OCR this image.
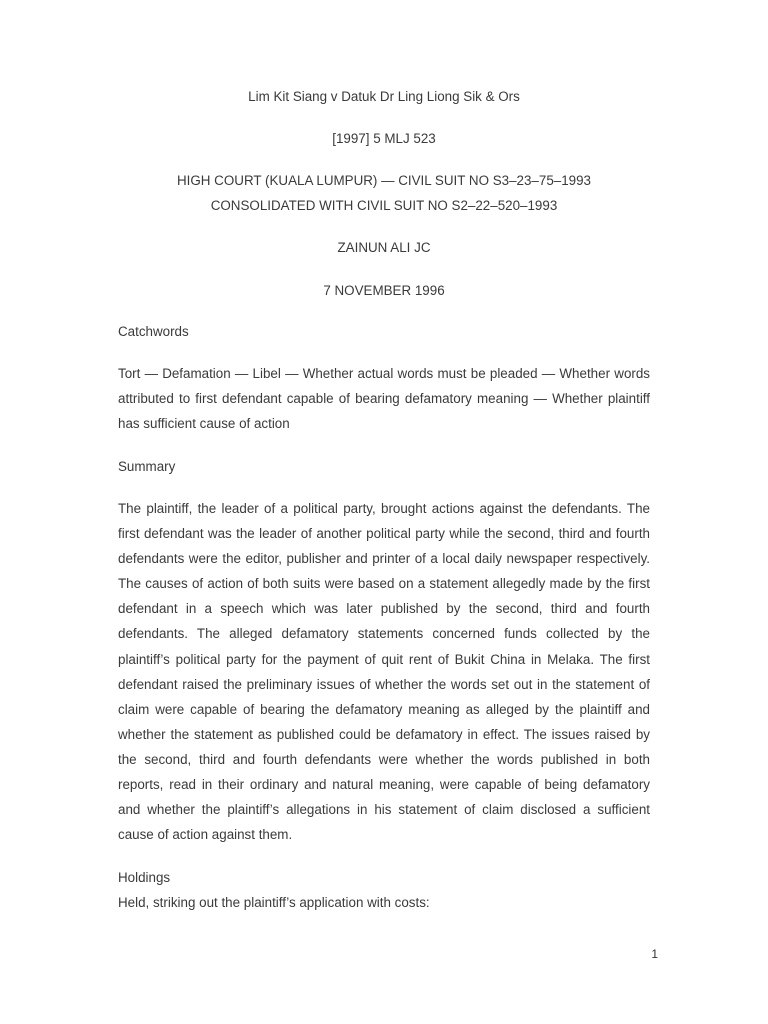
Lim Kit Siang v Datuk Dr Ling Liong Sik & Ors
[1997] 5 MLJ 523
HIGH COURT (KUALA LUMPUR) — CIVIL SUIT NO S3–23–75–1993
CONSOLIDATED WITH CIVIL SUIT NO S2–22–520–1993
ZAINUN ALI JC
7 NOVEMBER 1996
Catchwords
Tort — Defamation — Libel — Whether actual words must be pleaded — Whether words attributed to first defendant capable of bearing defamatory meaning — Whether plaintiff has sufficient cause of action
Summary
The plaintiff, the leader of a political party, brought actions against the defendants. The first defendant was the leader of another political party while the second, third and fourth defendants were the editor, publisher and printer of a local daily newspaper respectively. The causes of action of both suits were based on a statement allegedly made by the first defendant in a speech which was later published by the second, third and fourth defendants. The alleged defamatory statements concerned funds collected by the plaintiff’s political party for the payment of quit rent of Bukit China in Melaka. The first defendant raised the preliminary issues of whether the words set out in the statement of claim were capable of bearing the defamatory meaning as alleged by the plaintiff and whether the statement as published could be defamatory in effect. The issues raised by the second, third and fourth defendants were whether the words published in both reports, read in their ordinary and natural meaning, were capable of being defamatory and whether the plaintiff’s allegations in his statement of claim disclosed a sufficient cause of action against them.
Holdings
Held, striking out the plaintiff’s application with costs:
1
